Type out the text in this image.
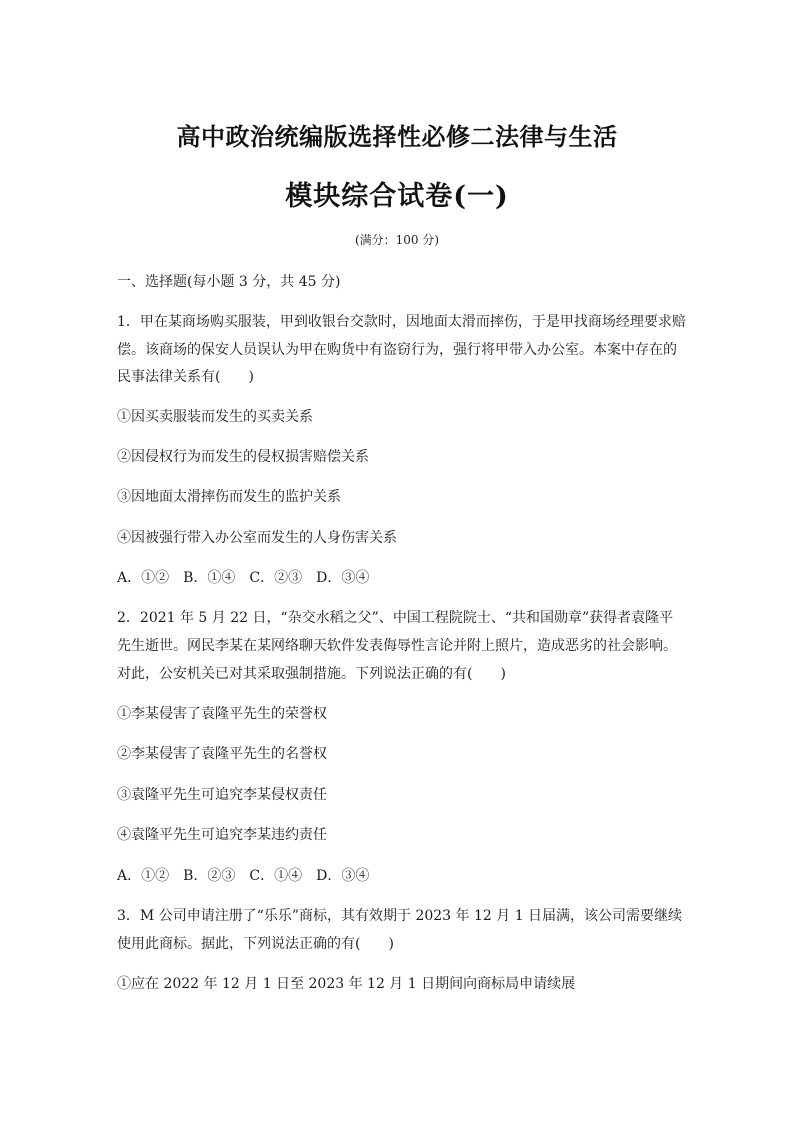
高中政治统编版选择性必修二法律与生活
模块综合试卷(一)
(满分：100 分)
一、选择题(每小题 3 分，共 45 分)
1．甲在某商场购买服装，甲到收银台交款时，因地面太滑而摔伤，于是甲找商场经理要求赔
偿。该商场的保安人员误认为甲在购货中有盗窃行为，强行将甲带入办公室。本案中存在的
民事法律关系有(　　)
①因买卖服装而发生的买卖关系
②因侵权行为而发生的侵权损害赔偿关系
③因地面太滑摔伤而发生的监护关系
④因被强行带入办公室而发生的人身伤害关系
A．①②　B．①④　C．②③　D．③④
2．2021 年 5 月 22 日，“杂交水稻之父”、中国工程院院士、“共和国勋章”获得者袁隆平
先生逝世。网民李某在某网络聊天软件发表侮辱性言论并附上照片，造成恶劣的社会影响。
对此，公安机关已对其采取强制措施。下列说法正确的有(　　)
①李某侵害了袁隆平先生的荣誉权
②李某侵害了袁隆平先生的名誉权
③袁隆平先生可追究李某侵权责任
④袁隆平先生可追究李某违约责任
A．①②　B．②③　C．①④　D．③④
3．M 公司申请注册了“乐乐”商标，其有效期于 2023 年 12 月 1 日届满，该公司需要继续
使用此商标。据此，下列说法正确的有(　　)
①应在 2022 年 12 月 1 日至 2023 年 12 月 1 日期间向商标局申请续展
